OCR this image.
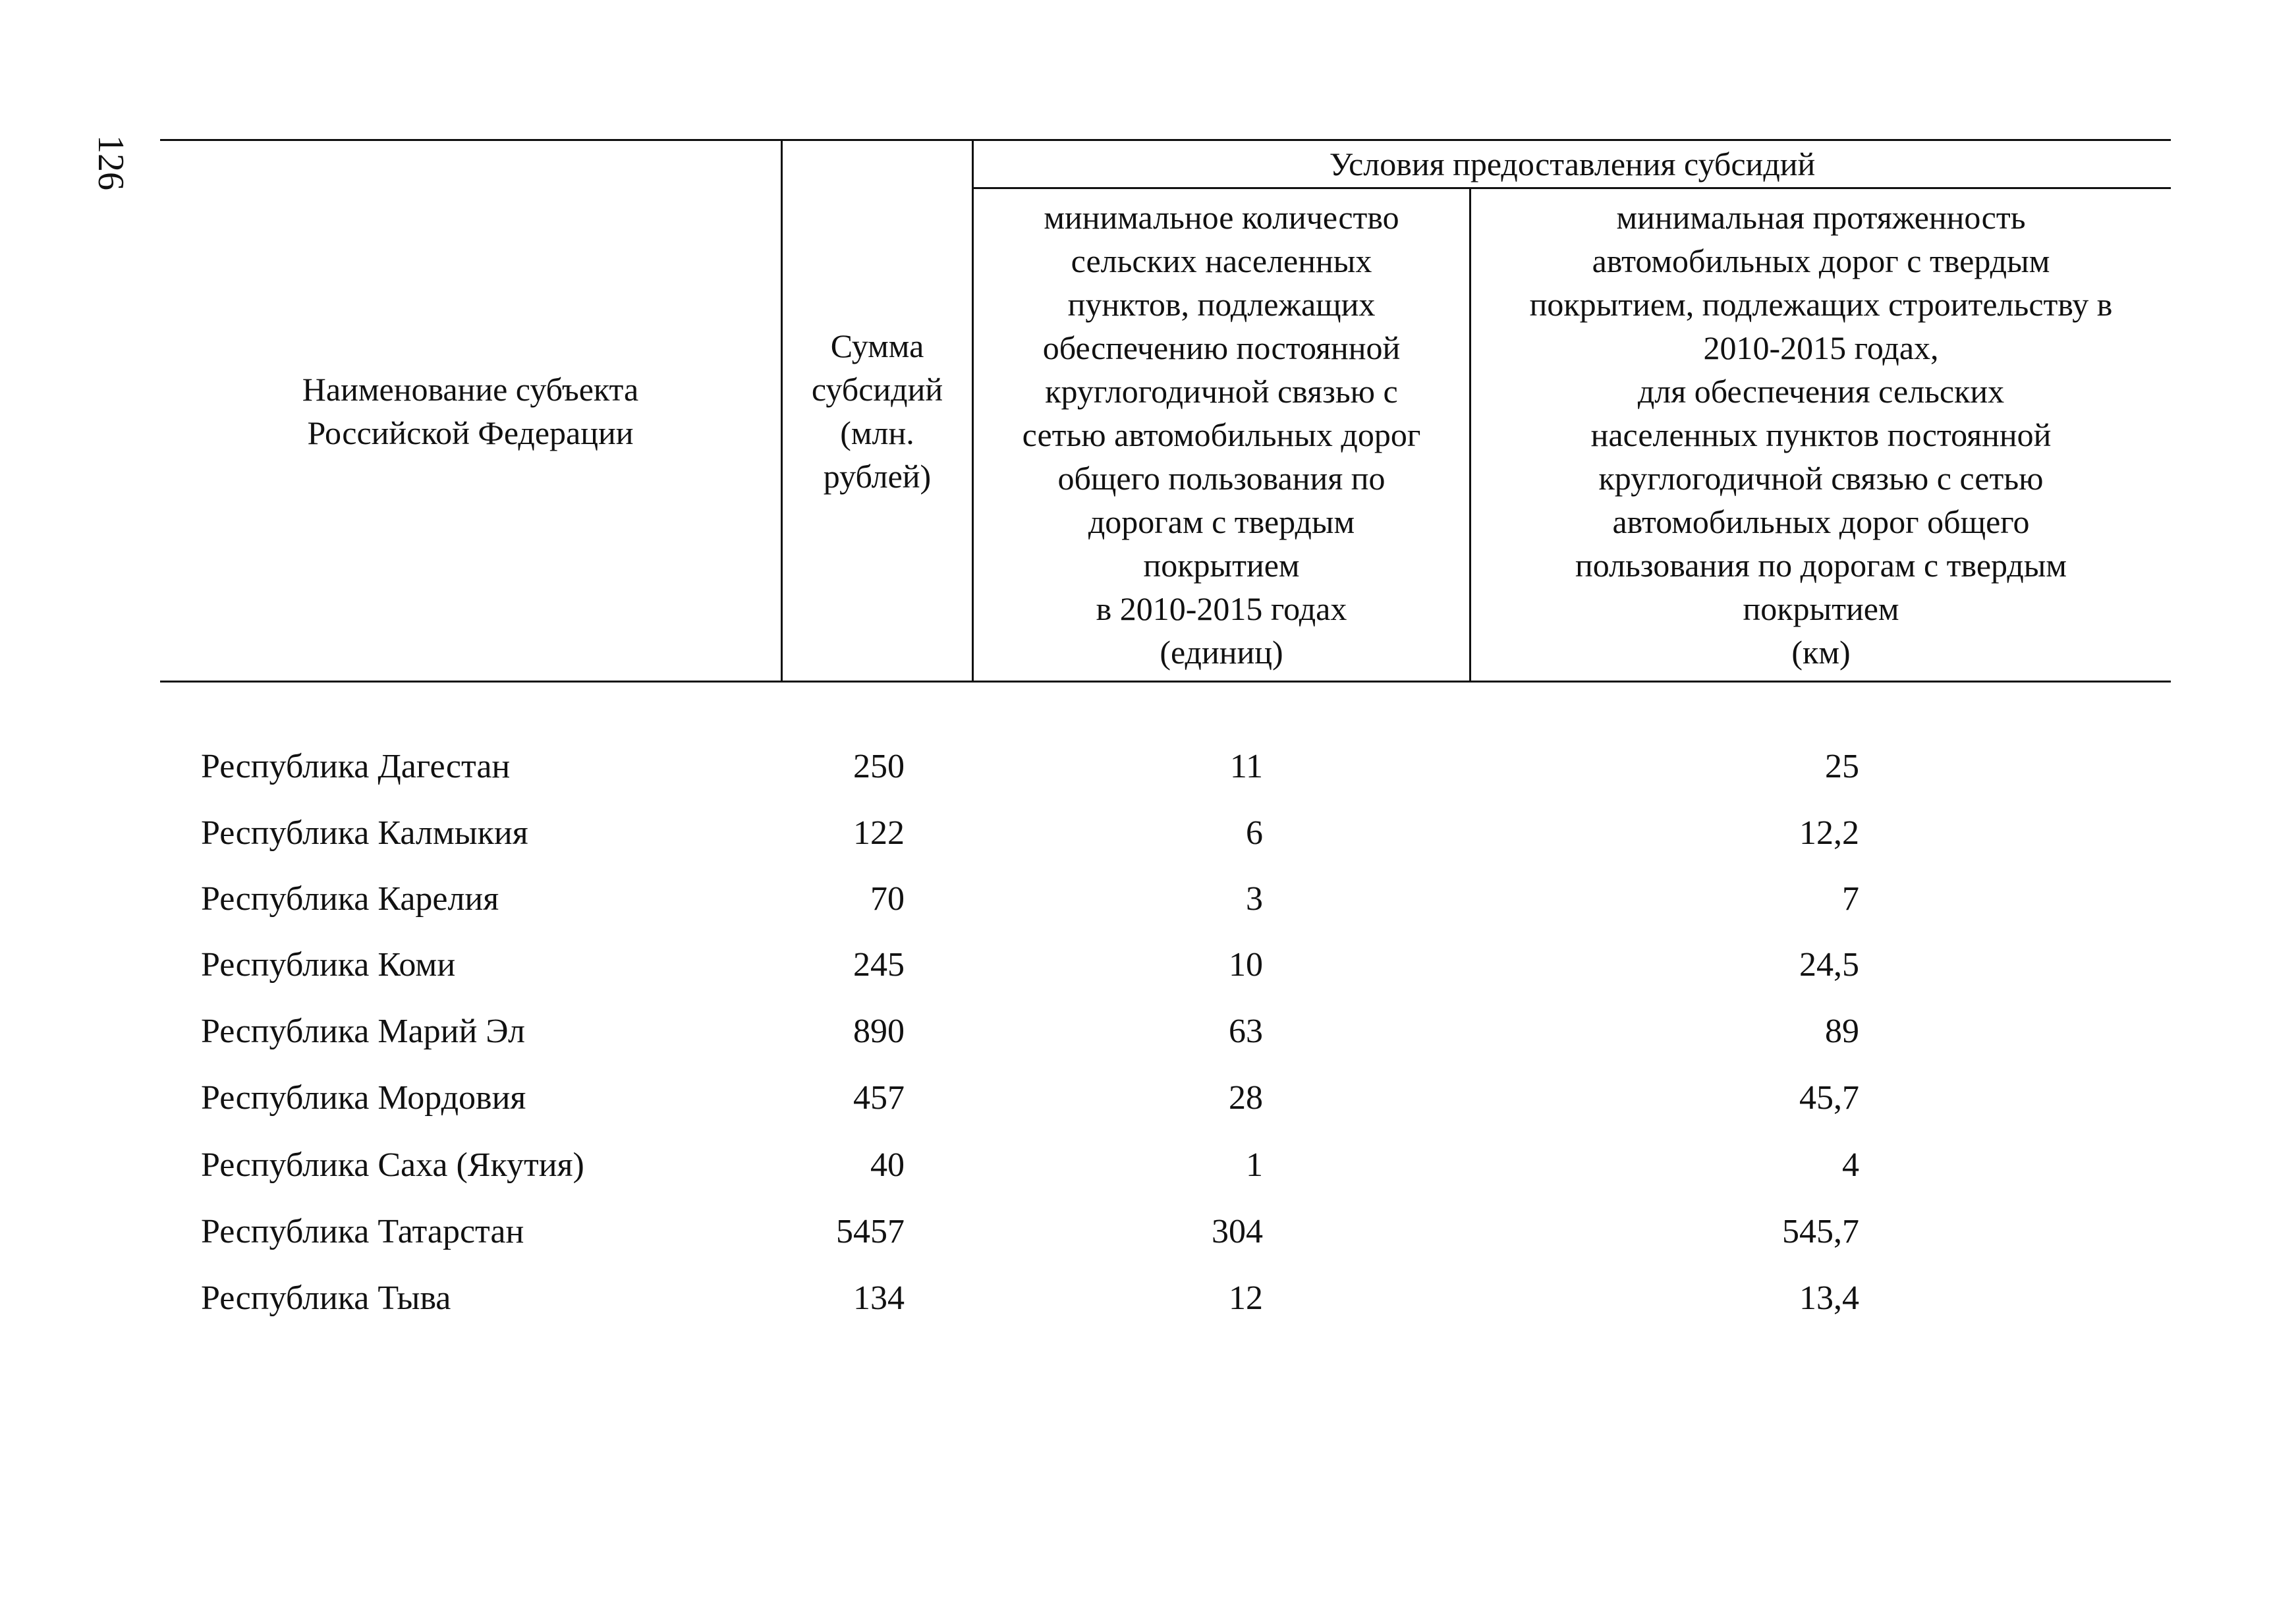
126	Условия предоставления субсидий
Наименование субъекта
Российской Федерации
Сумма
субсидий
(млн.
рублей)
минимальное количество
сельских населенных
пунктов, подлежащих
обеспечению постоянной
круглогодичной связью с
сетью автомобильных дорог
общего пользования по
дорогам с твердым
покрытием
в 2010-2015 годах
(единиц)
минимальная протяженность
автомобильных дорог с твердым
покрытием, подлежащих строительству в
2010-2015 годах,
для обеспечения сельских
населенных пунктов постоянной
круглогодичной связью с сетью
автомобильных дорог общего
пользования по дорогам с твердым
покрытием
(км)
Республика Дагестан	250	11	25
Республика Калмыкия	122	6	12,2
Республика Карелия	70	3	7
Республика Коми	245	10	24,5
Республика Марий Эл	890	63	89
Республика Мордовия	457	28	45,7
Республика Саха (Якутия)	40	1	4
Республика Татарстан	5457	304	545,7
Республика Тыва	134	12	13,4
